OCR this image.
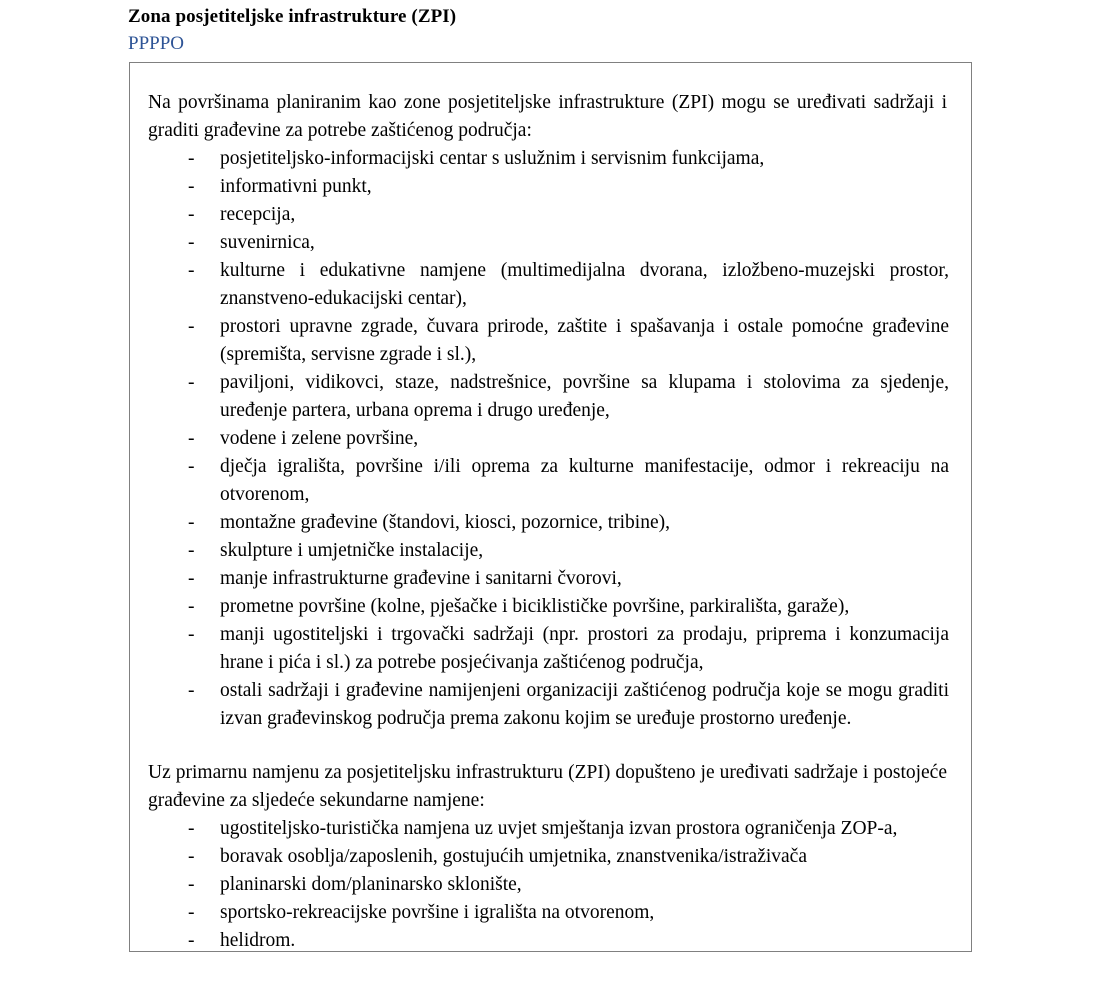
Zona posjetiteljske infrastrukture (ZPI)
PPPPO

Na površinama planiranim kao zone posjetiteljske infrastrukture (ZPI) mogu se uređivati sadržaji i graditi građevine za potrebe zaštićenog područja:

- posjetiteljsko-informacijski centar s uslužnim i servisnim funkcijama,
- informativni punkt,
- recepcija,
- suvenirnica,
- kulturne i edukativne namjene (multimedijalna dvorana, izložbeno-muzejski prostor, znanstveno-edukacijski centar),
- prostori upravne zgrade, čuvara prirode, zaštite i spašavanja i ostale pomoćne građevine (spremišta, servisne zgrade i sl.),
- paviljoni, vidikovci, staze, nadstrešnice, površine sa klupama i stolovima za sjedenje, uređenje partera, urbana oprema i drugo uređenje,
- vodene i zelene površine,
- dječja igrališta, površine i/ili oprema za kulturne manifestacije, odmor i rekreaciju na otvorenom,
- montažne građevine (štandovi, kiosci, pozornice, tribine),
- skulpture i umjetničke instalacije,
- manje infrastrukturne građevine i sanitarni čvorovi,
- prometne površine (kolne, pješačke i biciklističke površine, parkirališta, garaže),
- manji ugostiteljski i trgovački sadržaji (npr. prostori za prodaju, priprema i konzumacija hrane i pića i sl.) za potrebe posjećivanja zaštićenog područja,
- ostali sadržaji i građevine namijenjeni organizaciji zaštićenog područja koje se mogu graditi izvan građevinskog područja prema zakonu kojim se uređuje prostorno uređenje.

Uz primarnu namjenu za posjetiteljsku infrastrukturu (ZPI) dopušteno je uređivati sadržaje i postojeće građevine za sljedeće sekundarne namjene:

- ugostitelјsko-turistička namjena uz uvjet smještanja izvan prostora ograničenja ZOP-a,
- boravak osoblja/zaposlenih, gostujućih umjetnika, znanstvenika/istraživača
- planinarski dom/planinarsko sklonište,
- sportsko-rekreacijske površine i igrališta na otvorenom,
- helidrom.
